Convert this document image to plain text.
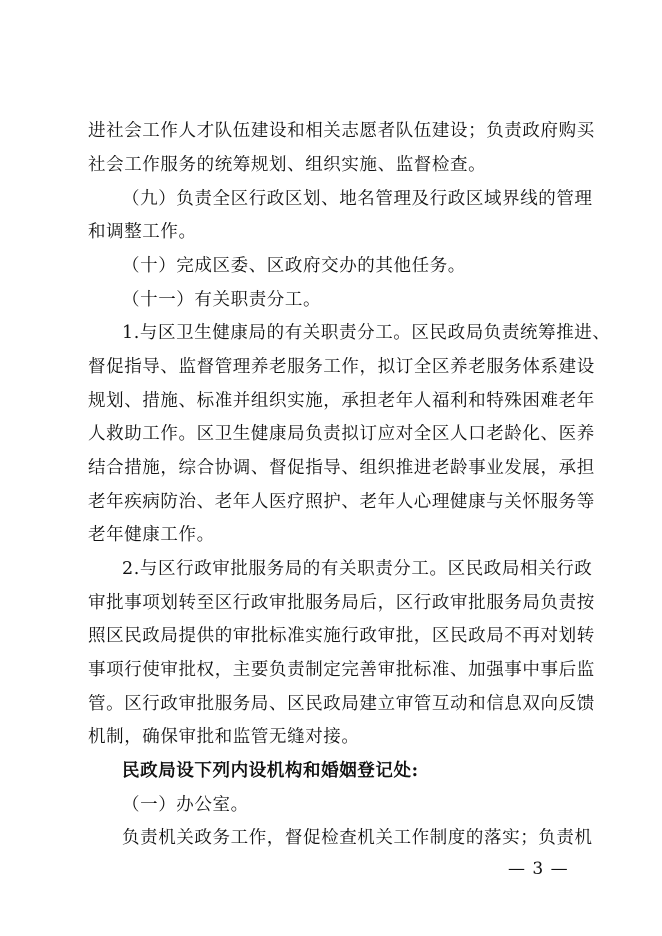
进社会工作人才队伍建设和相关志愿者队伍建设；负责政府购买
社会工作服务的统筹规划、组织实施、监督检查。
（九）负责全区行政区划、地名管理及行政区域界线的管理
和调整工作。
（十）完成区委、区政府交办的其他任务。
（十一）有关职责分工。
1.与区卫生健康局的有关职责分工。区民政局负责统筹推进、
督促指导、监督管理养老服务工作，拟订全区养老服务体系建设
规划、措施、标准并组织实施，承担老年人福利和特殊困难老年
人救助工作。区卫生健康局负责拟订应对全区人口老龄化、医养
结合措施，综合协调、督促指导、组织推进老龄事业发展，承担
老年疾病防治、老年人医疗照护、老年人心理健康与关怀服务等
老年健康工作。
2.与区行政审批服务局的有关职责分工。区民政局相关行政
审批事项划转至区行政审批服务局后，区行政审批服务局负责按
照区民政局提供的审批标准实施行政审批，区民政局不再对划转
事项行使审批权，主要负责制定完善审批标准、加强事中事后监
管。区行政审批服务局、区民政局建立审管互动和信息双向反馈
机制，确保审批和监管无缝对接。
民政局设下列内设机构和婚姻登记处:
（一）办公室。
负责机关政务工作，督促检查机关工作制度的落实；负责机
— 3 —
